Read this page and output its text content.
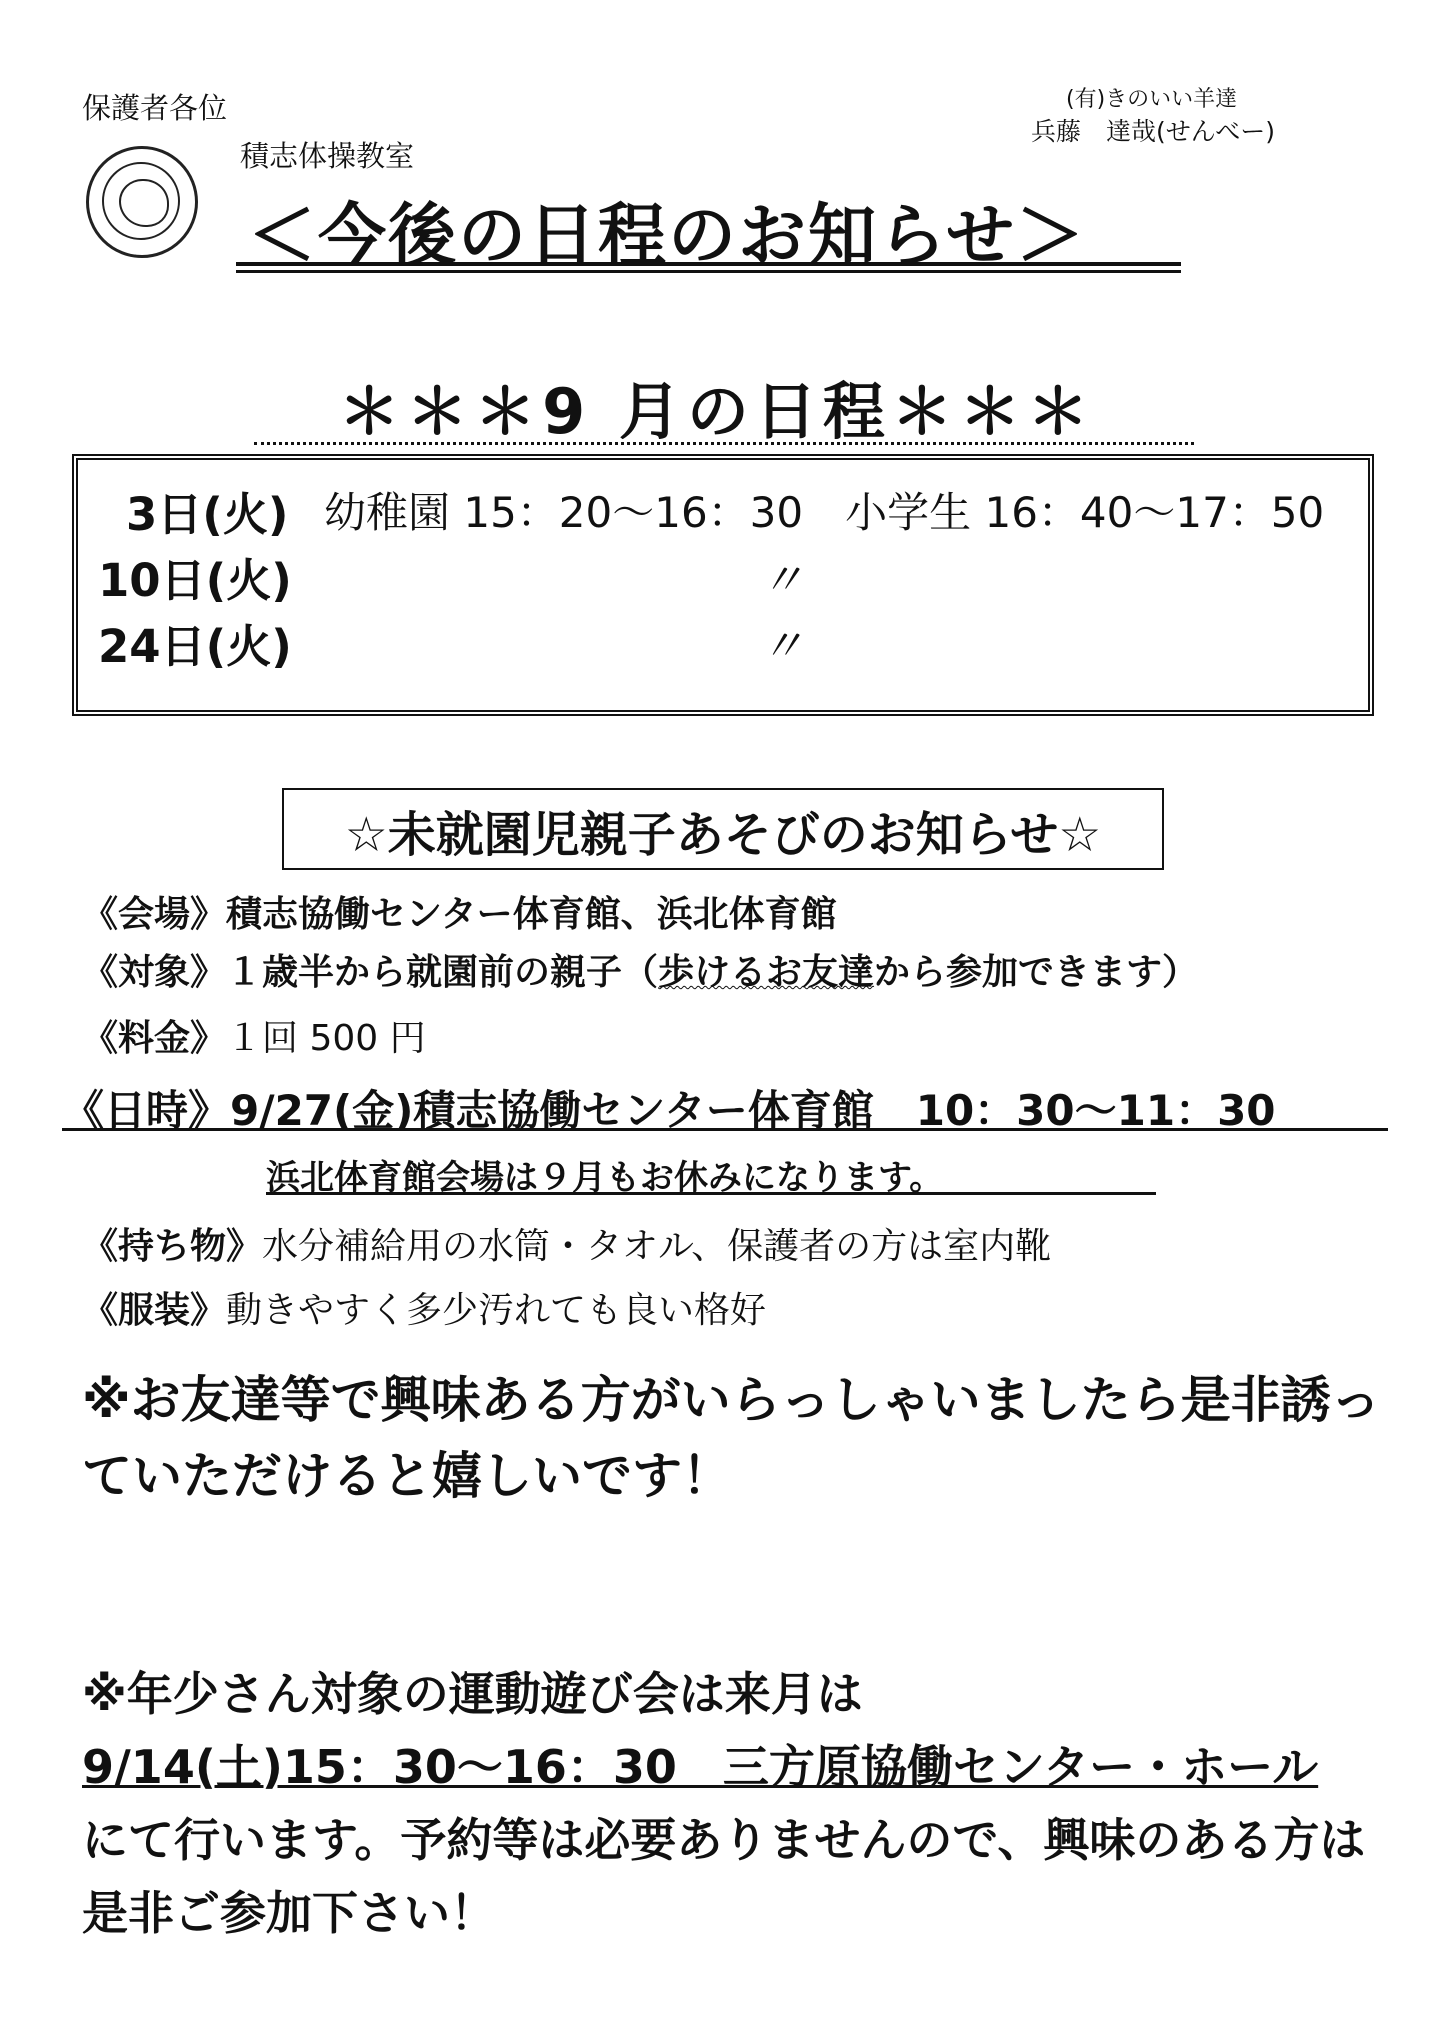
保護者各位	(有)きのいい羊達
兵藤　達哉(せんべー)
積志体操教室
＜今後の日程のお知らせ＞
＊＊＊9 月の日程＊＊＊
3日(火) 幼稚園 15：20〜16：30　小学生 16：40〜17：50
10日(火)	〃
24日(火)	〃
☆未就園児親子あそびのお知らせ☆
《会場》積志協働センター体育館、浜北体育館
《対象》１歳半から就園前の親子（歩けるお友達から参加できます）
《料金》１回 500 円
《日時》9/27(金)積志協働センター体育館　10：30〜11：30
浜北体育館会場は９月もお休みになります。
《持ち物》水分補給用の水筒・タオル、保護者の方は室内靴
《服装》動きやすく多少汚れても良い格好
※お友達等で興味ある方がいらっしゃいましたら是非誘っていただけると嬉しいです！
※年少さん対象の運動遊び会は来月は
9/14(土)15：30〜16：30　三方原協働センター・ホール
にて行います。予約等は必要ありませんので、興味のある方は是非ご参加下さい！
